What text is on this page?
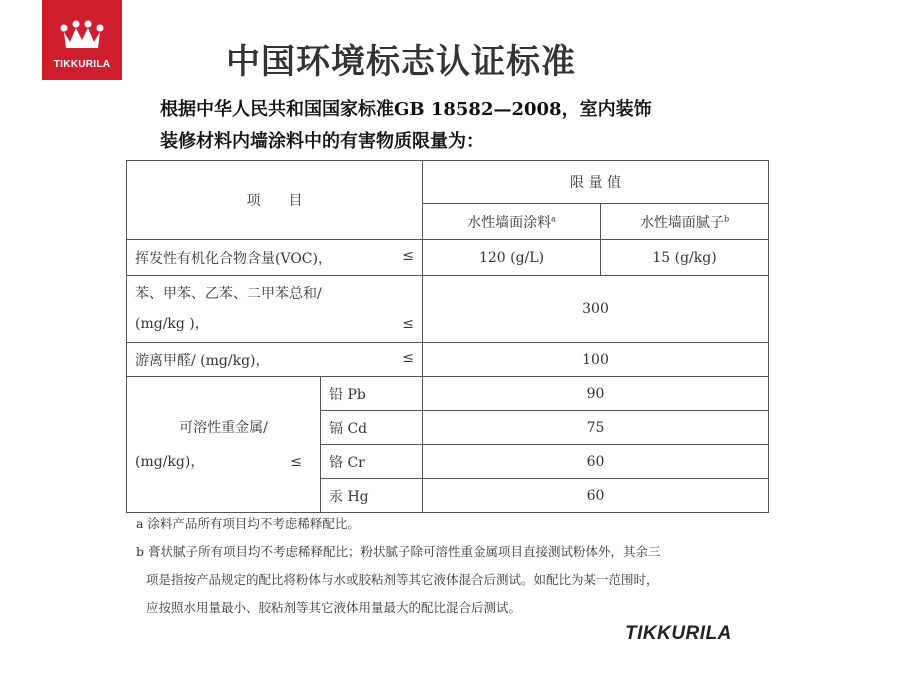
TIKKURILA	中国环境标志认证标准
根据中华人民共和国国家标准GB 18582—2008，室内装饰
装修材料内墙涂料中的有害物质限量为：
项　　目		限 量 值	
		水性墙面涂料$^a$	水性墙面腻子$^b$
挥发性有机化合物含量(VOC)， ≤		120 (g/L)	15 (g/kg)

苯、甲苯、乙苯、二甲苯总和/
(mg/kg )， ≤		300	
游离甲醛/ (mg/kg)， ≤		100	

可溶性重金属/
(mg/kg)， ≤	铅 Pb	90	
	镉 Cd	75	
	铬 Cr	60	
	汞 Hg	60	
a 涂料产品所有项目均不考虑稀释配比。
b 膏状腻子所有项目均不考虑稀释配比；粉状腻子除可溶性重金属项目直接测试粉体外，其余三
项是指按产品规定的配比将粉体与水或胶粘剂等其它液体混合后测试。如配比为某一范围时，
应按照水用量最小、胶粘剂等其它液体用量最大的配比混合后测试。
TIKKURILA
